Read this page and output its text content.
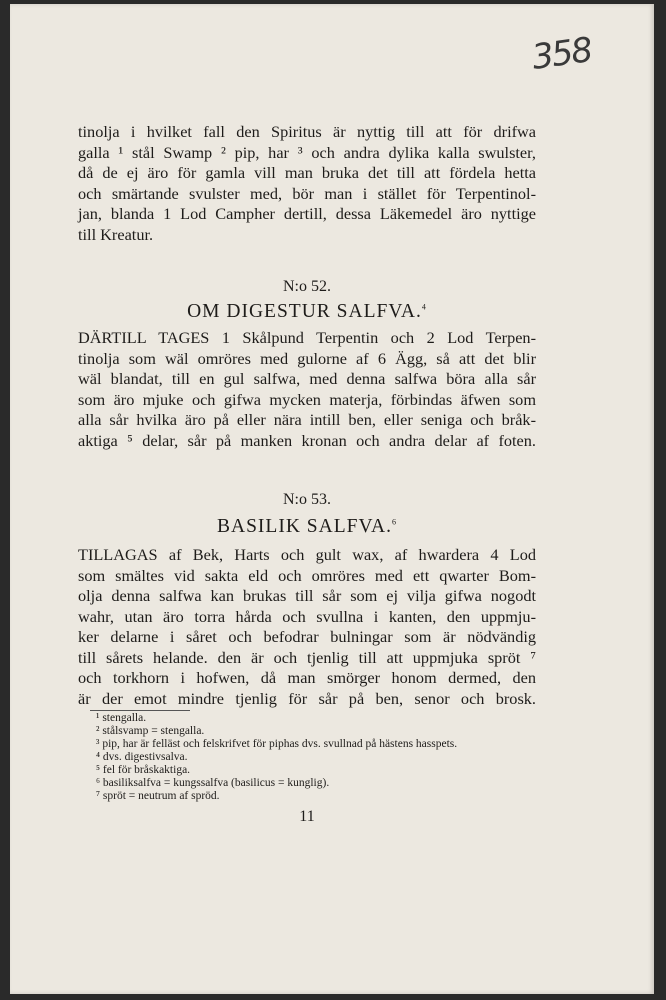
358

tinolja i hvilket fall den Spiritus är nyttig till att för drifwa
galla ¹ stål Swamp ² pip, har ³ och andra dylika kalla swulster,
då de ej äro för gamla vill man bruka det till att fördela hetta
och smärtande svulster med, bör man i stället för Terpentinol-
jan, blanda 1 Lod Campher dertill, dessa Läkemedel äro nyttige
till Kreatur.

N:o 52.
OM DIGESTUR SALFVA.$^4$

DÄRTILL TAGES 1 Skålpund Terpentin och 2 Lod Terpen-
tinolja som wäl omröres med gulorne af 6 Ägg, så att det blir
wäl blandat, till en gul salfwa, med denna salfwa böra alla sår
som äro mjuke och gifwa mycken materja, förbindas äfwen som
alla sår hvilka äro på eller nära intill ben, eller seniga och bråk-
aktiga ⁵ delar, sår på manken kronan och andra delar af foten.

N:o 53.
BASILIK SALFVA.$^6$

TILLAGAS af Bek, Harts och gult wax, af hwardera 4 Lod
som smältes vid sakta eld och omröres med ett qwarter Bom-
olja denna salfwa kan brukas till sår som ej vilja gifwa nogodt
wahr, utan äro torra hårda och svullna i kanten, den uppmju-
ker delarne i såret och befodrar bulningar som är nödvändig
till sårets helande. den är och tjenlig till att uppmjuka spröt ⁷
och torkhorn i hofwen, då man smörger honom dermed, den
är der emot mindre tjenlig för sår på ben, senor och brosk.

¹ stengalla.
² stålsvamp = stengalla.
³ pip, har är felläst och felskrifvet för piphas dvs. svullnad på hästens hasspets.
⁴ dvs. digestivsalva.
⁵ fel för bråskaktiga.
⁶ basiliksalfva = kungssalfva (basilicus = kunglig).
⁷ spröt = neutrum af spröd.
11
